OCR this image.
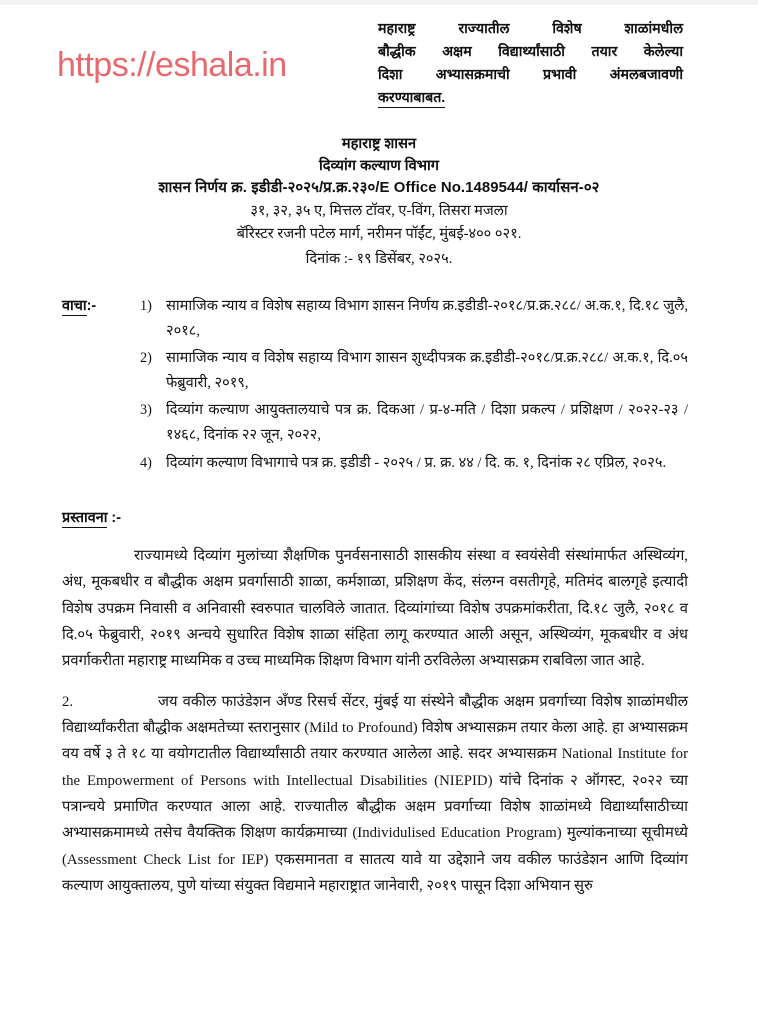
https://eshala.in
महाराष्ट्र राज्यातील विशेष शाळांमधील
बौद्धीक अक्षम विद्यार्थ्यांसाठी तयार केलेल्या
दिशा अभ्यासक्रमाची प्रभावी अंमलबजावणी
करण्याबाबत.
महाराष्ट्र शासन
दिव्यांग कल्याण विभाग
शासन निर्णय क्र. इडीडी-२०२५/प्र.क्र.२३०/E Office No.1489544/ कार्यासन-०२
३१, ३२, ३५ ए, मित्तल टॉवर, ए-विंग, तिसरा मजला
बॅरिस्टर रजनी पटेल मार्ग, नरीमन पॉईंट, मुंबई-४०० ०२१.
दिनांक :- १९ डिसेंबर, २०२५.
वाचा:-	1) सामाजिक न्याय व विशेष सहाय्य विभाग शासन निर्णय क्र.इडीडी-२०१८/प्र.क्र.२८८/ अ.क.१, दि.१८ जुलै, २०१८,
2) सामाजिक न्याय व विशेष सहाय्य विभाग शासन शुध्दीपत्रक क्र.इडीडी-२०१८/प्र.क्र.२८८/ अ.क.१, दि.०५ फेब्रुवारी, २०१९,
3) दिव्यांग कल्याण आयुक्तालयाचे पत्र क्र. दिकआ / प्र-४-मति / दिशा प्रकल्प / प्रशिक्षण / २०२२-२३ / १४६८, दिनांक २२ जून, २०२२,
4) दिव्यांग कल्याण विभागाचे पत्र क्र. इडीडी - २०२५ / प्र. क्र. ४४ / दि. क. १, दिनांक २८ एप्रिल, २०२५.
प्रस्तावना :-

राज्यामध्ये दिव्यांग मुलांच्या शैक्षणिक पुनर्वसनासाठी शासकीय संस्था व स्वयंसेवी संस्थांमार्फत अस्थिव्यंग, अंध, मूकबधीर व बौद्धीक अक्षम प्रवर्गासाठी शाळा, कर्मशाळा, प्रशिक्षण केंद, संलग्न वसतीगृहे, मतिमंद बालगृहे इत्यादी विशेष उपक्रम निवासी व अनिवासी स्वरुपात चालविले जातात. दिव्यांगांच्या विशेष उपक्रमांकरीता, दि.१८ जुलै, २०१८ व दि.०५ फेब्रुवारी, २०१९ अन्चये सुधारित विशेष शाळा संहिता लागू करण्यात आली असून, अस्थिव्यंग, मूकबधीर व अंध प्रवर्गाकरीता महाराष्ट्र माध्यमिक व उच्च माध्यमिक शिक्षण विभाग यांनी ठरविलेला अभ्यासक्रम राबविला जात आहे.

2.	जय वकील फाउंडेशन अँण्ड रिसर्च सेंटर, मुंबई या संस्थेने बौद्धीक अक्षम प्रवर्गाच्या विशेष शाळांमधील विद्यार्थ्यांकरीता बौद्धीक अक्षमतेच्या स्तरानुसार (Mild to Profound) विशेष अभ्यासक्रम तयार केला आहे. हा अभ्यासक्रम वय वर्षे ३ ते १८ या वयोगटातील विद्यार्थ्यांसाठी तयार करण्यात आलेला आहे. सदर अभ्यासक्रम National Institute for the Empowerment of Persons with Intellectual Disabilities (NIEPID) यांचे दिनांक २ ऑगस्ट, २०२२ च्या पत्रान्चये प्रमाणित करण्यात आला आहे. राज्यातील बौद्धीक अक्षम प्रवर्गाच्या विशेष शाळांमध्ये विद्यार्थ्यांसाठीच्या अभ्यासक्रमामध्ये तसेच वैयक्तिक शिक्षण कार्यक्रमाच्या (Individulised Education Program) मुल्यांकनाच्या सूचीमध्ये (Assessment Check List for IEP) एकसमानता व सातत्य यावे या उद्देशाने जय वकील फाउंडेशन आणि दिव्यांग कल्याण आयुक्तालय, पुणे यांच्या संयुक्त विद्यमाने महाराष्ट्रात जानेवारी, २०१९ पासून दिशा अभियान सुरु
